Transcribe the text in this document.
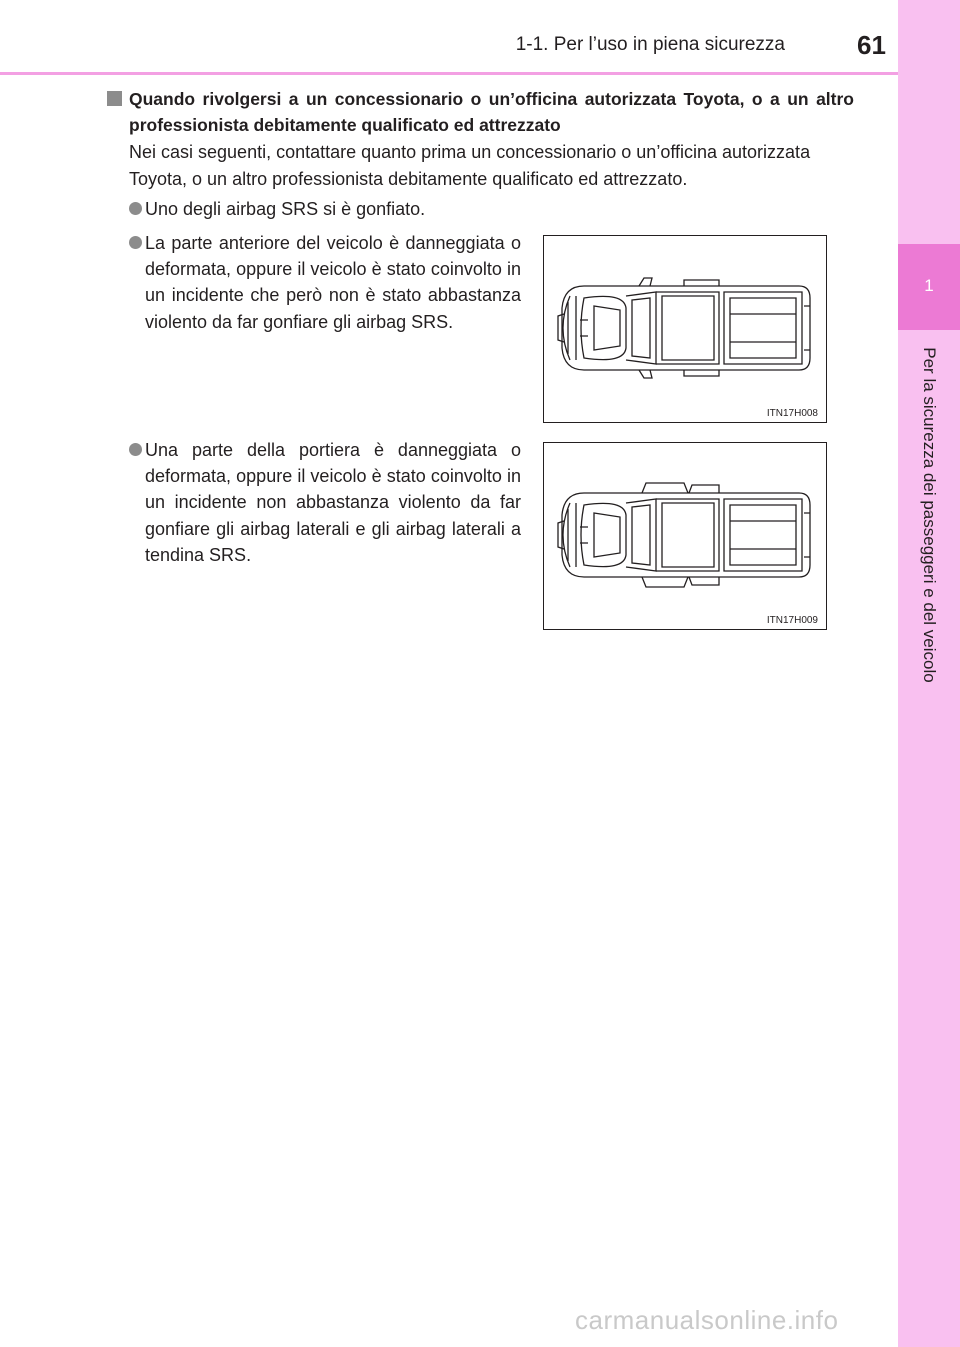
1-1. Per l’uso in piena sicurezza	61
1
Per la sicurezza dei passeggeri e del veicolo
Quando rivolgersi a un concessionario o un’officina autorizzata Toyota, o a un altro professionista debitamente qualificato ed attrezzato
Nei casi seguenti, contattare quanto prima un concessionario o un’officina autorizzata Toyota, o un altro professionista debitamente qualificato ed attrezzato.
Uno degli airbag SRS si è gonfiato.
La parte anteriore del veicolo è danneggiata o deformata, oppure il veicolo è stato coinvolto in un incidente che però non è stato abbastanza violento da far gonfiare gli airbag SRS.
Una parte della portiera è danneggiata o deformata, oppure il veicolo è stato coinvolto in un incidente non abbastanza violento da far gonfiare gli airbag laterali e gli airbag laterali a tendina SRS.
ITN17H008
ITN17H009
carmanualsonline.info
